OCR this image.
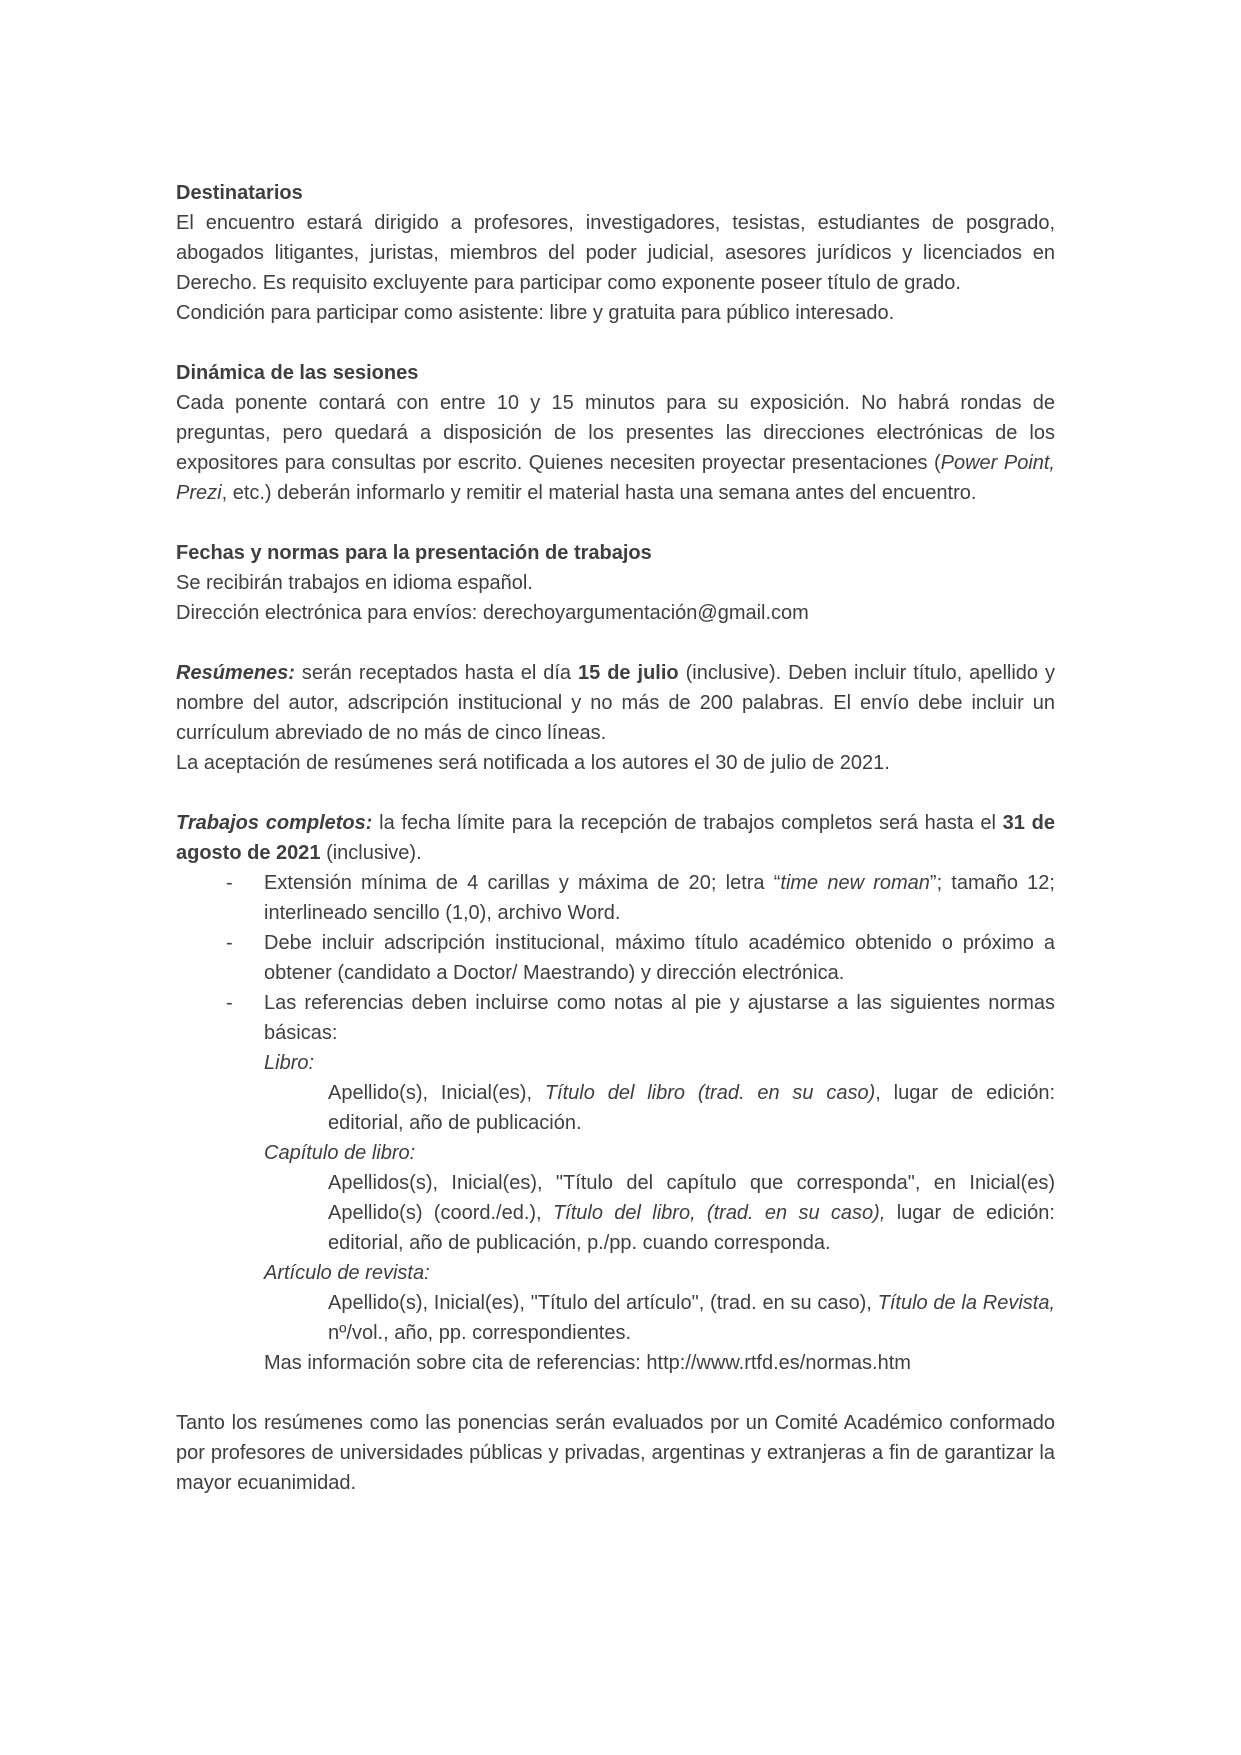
Destinatarios
El encuentro estará dirigido a profesores, investigadores, tesistas, estudiantes de posgrado, abogados litigantes, juristas, miembros del poder judicial, asesores jurídicos y licenciados en Derecho. Es requisito excluyente para participar como exponente poseer título de grado.
Condición para participar como asistente: libre y gratuita para público interesado.
Dinámica de las sesiones
Cada ponente contará con entre 10 y 15 minutos para su exposición. No habrá rondas de preguntas, pero quedará a disposición de los presentes las direcciones electrónicas de los expositores para consultas por escrito. Quienes necesiten proyectar presentaciones (Power Point, Prezi, etc.) deberán informarlo y remitir el material hasta una semana antes del encuentro.
Fechas y normas para la presentación de trabajos
Se recibirán trabajos en idioma español.
Dirección electrónica para envíos: derechoyargumentación@gmail.com
Resúmenes: serán receptados hasta el día 15 de julio (inclusive). Deben incluir título, apellido y nombre del autor, adscripción institucional y no más de 200 palabras. El envío debe incluir un currículum abreviado de no más de cinco líneas.
La aceptación de resúmenes será notificada a los autores el 30 de julio de 2021.
Trabajos completos: la fecha límite para la recepción de trabajos completos será hasta el 31 de agosto de 2021 (inclusive).
- Extensión mínima de 4 carillas y máxima de 20; letra “time new roman”; tamaño 12; interlineado sencillo (1,0), archivo Word.
- Debe incluir adscripción institucional, máximo título académico obtenido o próximo a obtener (candidato a Doctor/ Maestrando) y dirección electrónica.
- Las referencias deben incluirse como notas al pie y ajustarse a las siguientes normas básicas:
Libro:
Apellido(s), Inicial(es), Título del libro (trad. en su caso), lugar de edición: editorial, año de publicación.
Capítulo de libro:
Apellidos(s), Inicial(es), "Título del capítulo que corresponda", en Inicial(es) Apellido(s) (coord./ed.), Título del libro, (trad. en su caso), lugar de edición: editorial, año de publicación, p./pp. cuando corresponda.
Artículo de revista:
Apellido(s), Inicial(es), "Título del artículo", (trad. en su caso), Título de la Revista, nº/vol., año, pp. correspondientes.
Mas información sobre cita de referencias: http://www.rtfd.es/normas.htm
Tanto los resúmenes como las ponencias serán evaluados por un Comité Académico conformado por profesores de universidades públicas y privadas, argentinas y extranjeras a fin de garantizar la mayor ecuanimidad.
